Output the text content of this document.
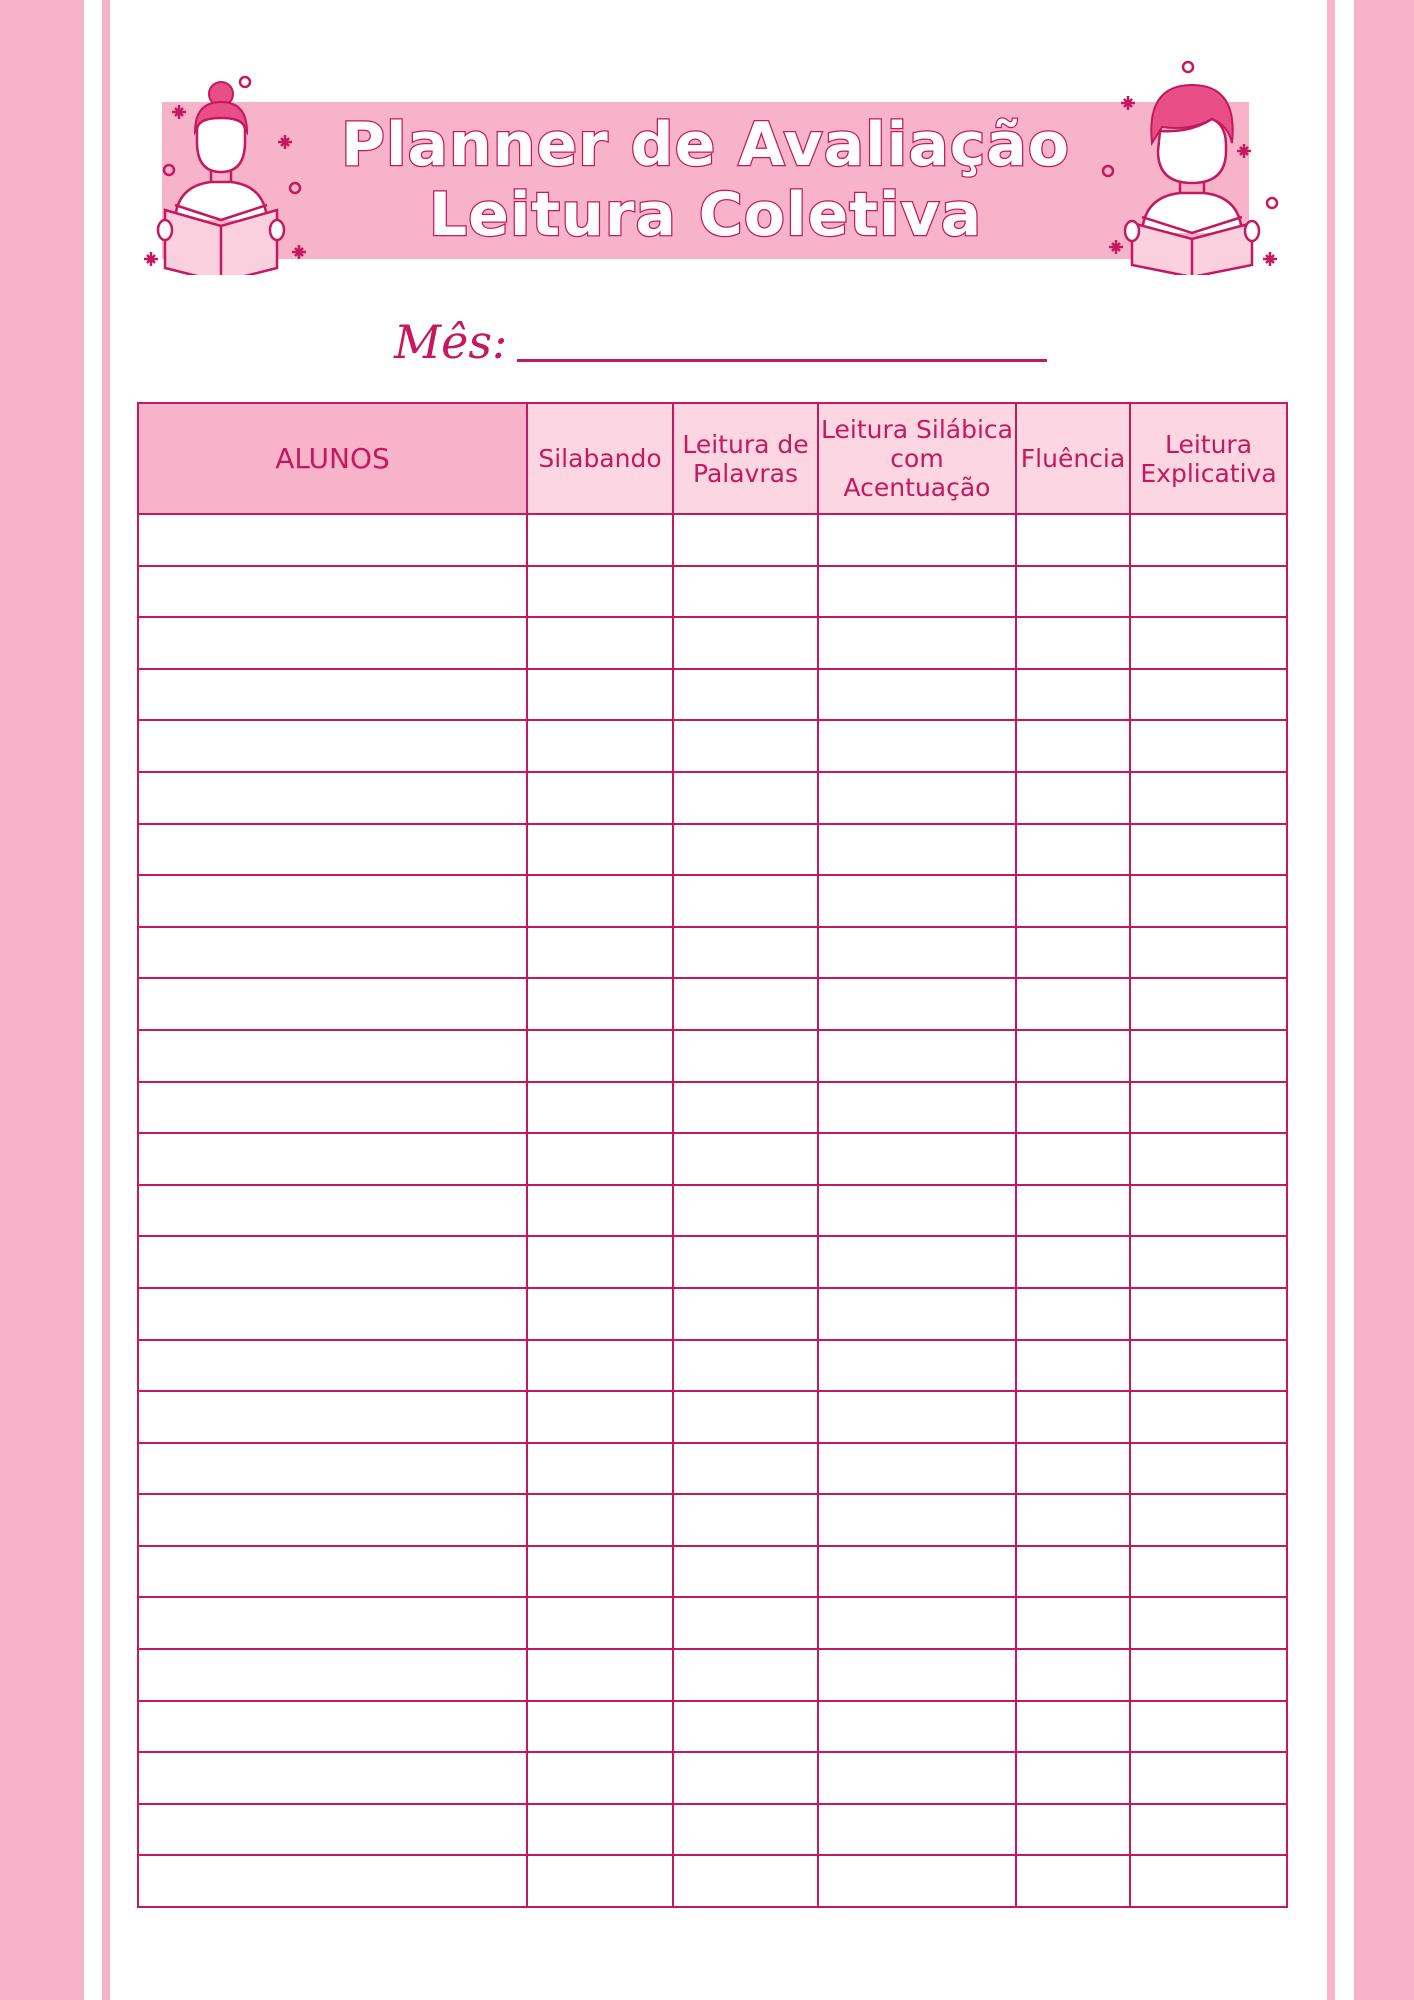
Planner de Avaliação
Leitura Coletiva
Mês:
ALUNOS	Silabando	Leitura de Palavras	Leitura Silábica com Acentuação	Fluência	Leitura Explicativa
